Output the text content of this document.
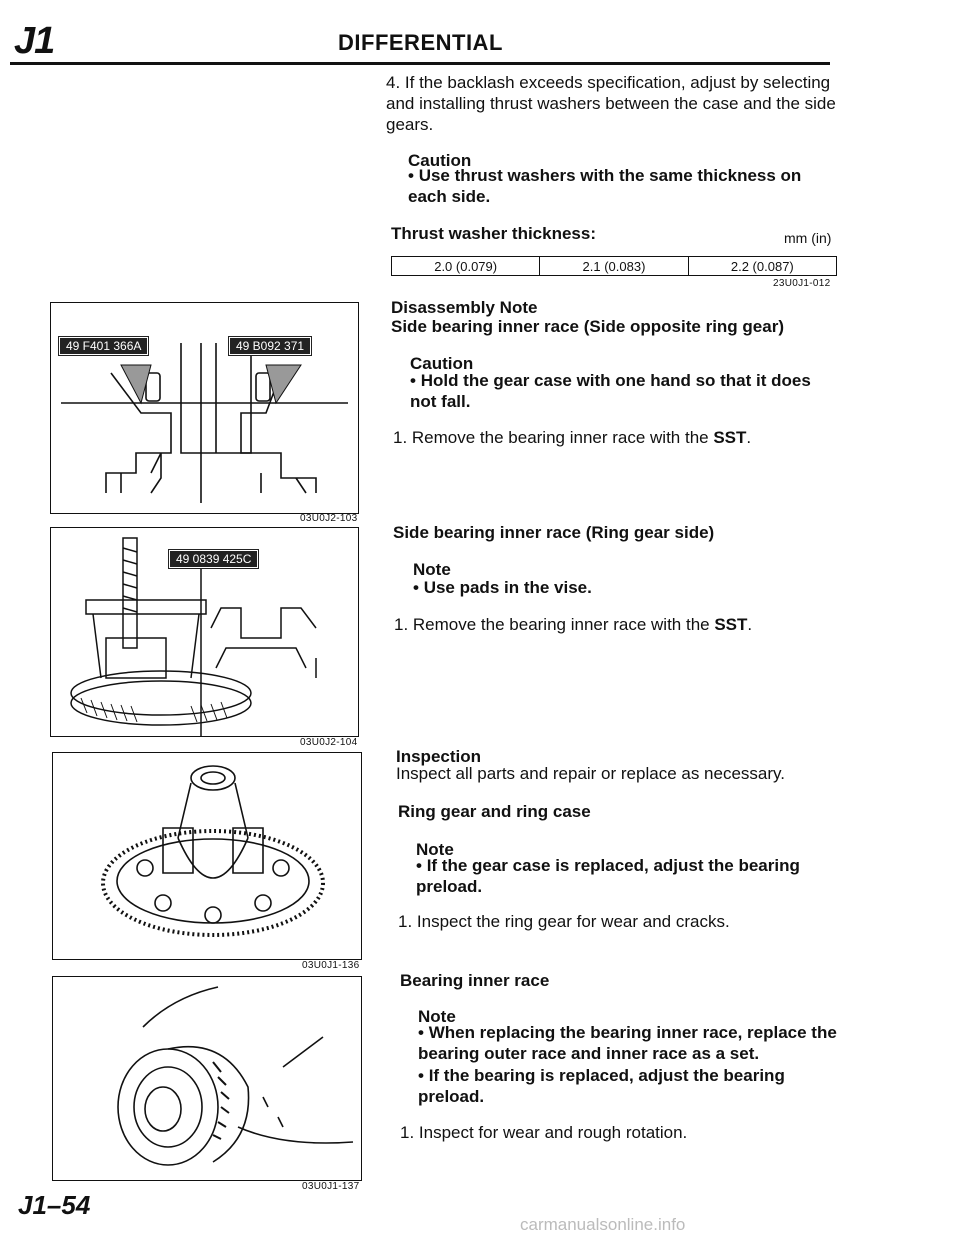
J1	DIFFERENTIAL
4. If the backlash exceeds specification, adjust by selecting and installing thrust washers between the case and the side gears.
Caution
• Use thrust washers with the same thickness on each side.
Thrust washer thickness:	mm (in)
2.0 (0.079)	2.1 (0.083)	2.2 (0.087)
23U0J1-012
Disassembly Note
Side bearing inner race (Side opposite ring gear)
Caution
• Hold the gear case with one hand so that it does not fall.
1. Remove the bearing inner race with the SST.
Side bearing inner race (Ring gear side)
Note
• Use pads in the vise.
1. Remove the bearing inner race with the SST.
Inspection
Inspect all parts and repair or replace as necessary.
Ring gear and ring case
Note
• If the gear case is replaced, adjust the bearing preload.
1. Inspect the ring gear for wear and cracks.
Bearing inner race
Note
• When replacing the bearing inner race, replace the bearing outer race and inner race as a set.
• If the bearing is replaced, adjust the bearing preload.
1. Inspect for wear and rough rotation.
49 F401 366A	49 B092 371
03U0J2-103
49 0839 425C
03U0J2-104
03U0J1-136
03U0J1-137
J1–54
carmanualsonline.info
